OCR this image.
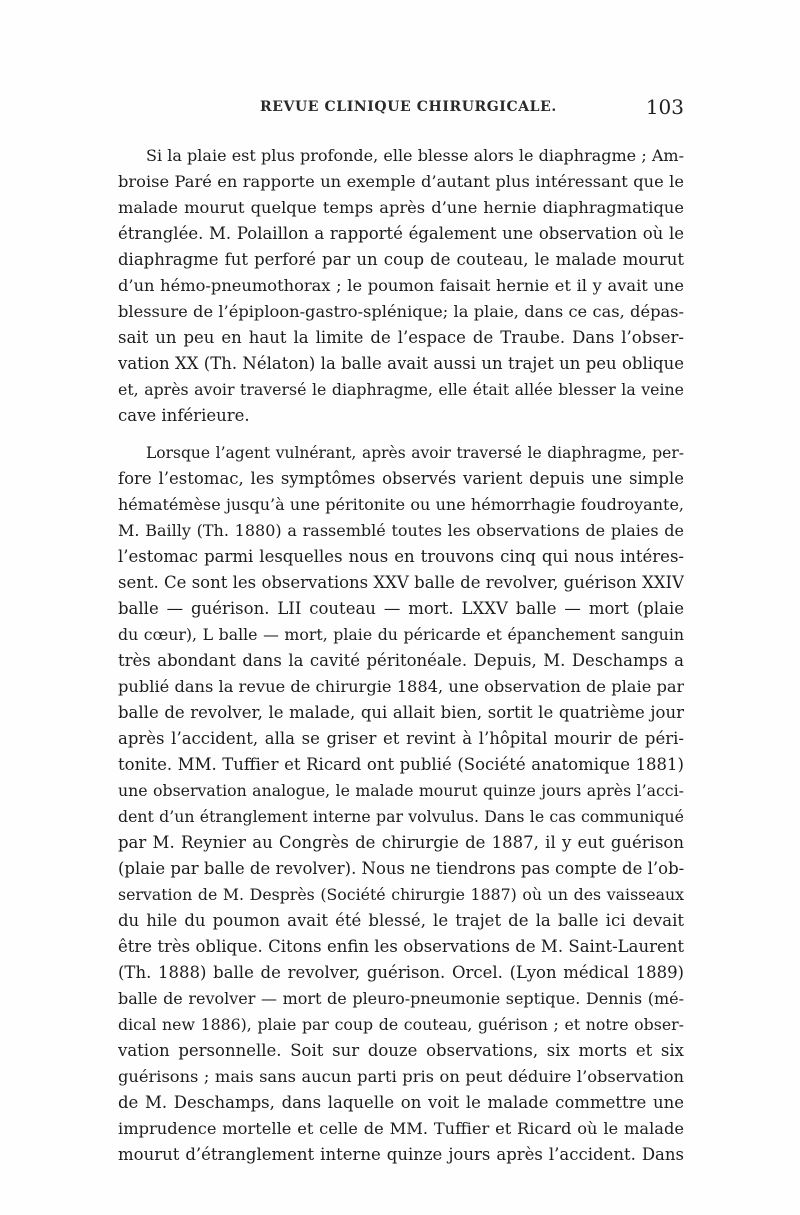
REVUE CLINIQUE CHIRURGICALE.	103
Si la plaie est plus profonde, elle blesse alors le diaphragme ; Am-
broise Paré en rapporte un exemple d’autant plus intéressant que le
malade mourut quelque temps après d’une hernie diaphragmatique
étranglée. M. Polaillon a rapporté également une observation où le
diaphragme fut perforé par un coup de couteau, le malade mourut
d’un hémo-pneumothorax ; le poumon faisait hernie et il y avait une
blessure de l’épiploon-gastro-splénique; la plaie, dans ce cas, dépas-
sait un peu en haut la limite de l’espace de Traube. Dans l’obser-
vation XX (Th. Nélaton) la balle avait aussi un trajet un peu oblique
et, après avoir traversé le diaphragme, elle était allée blesser la veine
cave inférieure.
Lorsque l’agent vulnérant, après avoir traversé le diaphragme, per-
fore l’estomac, les symptômes observés varient depuis une simple
hématémèse jusqu’à une péritonite ou une hémorrhagie foudroyante,
M. Bailly (Th. 1880) a rassemblé toutes les observations de plaies de
l’estomac parmi lesquelles nous en trouvons cinq qui nous intéres-
sent. Ce sont les observations XXV balle de revolver, guérison XXIV
balle — guérison. LII couteau — mort. LXXV balle — mort (plaie
du cœur), L balle — mort, plaie du péricarde et épanchement sanguin
très abondant dans la cavité péritonéale. Depuis, M. Deschamps a
publié dans la revue de chirurgie 1884, une observation de plaie par
balle de revolver, le malade, qui allait bien, sortit le quatrième jour
après l’accident, alla se griser et revint à l’hôpital mourir de péri-
tonite. MM. Tuffier et Ricard ont publié (Société anatomique 1881)
une observation analogue, le malade mourut quinze jours après l’acci-
dent d’un étranglement interne par volvulus. Dans le cas communiqué
par M. Reynier au Congrès de chirurgie de 1887, il y eut guérison
(plaie par balle de revolver). Nous ne tiendrons pas compte de l’ob-
servation de M. Desprès (Société chirurgie 1887) où un des vaisseaux
du hile du poumon avait été blessé, le trajet de la balle ici devait
être très oblique. Citons enfin les observations de M. Saint-Laurent
(Th. 1888) balle de revolver, guérison. Orcel. (Lyon médical 1889)
balle de revolver — mort de pleuro-pneumonie septique. Dennis (mé-
dical new 1886), plaie par coup de couteau, guérison ; et notre obser-
vation personnelle. Soit sur douze observations, six morts et six
guérisons ; mais sans aucun parti pris on peut déduire l’observation
de M. Deschamps, dans laquelle on voit le malade commettre une
imprudence mortelle et celle de MM. Tuffier et Ricard où le malade
mourut d’étranglement interne quinze jours après l’accident. Dans
